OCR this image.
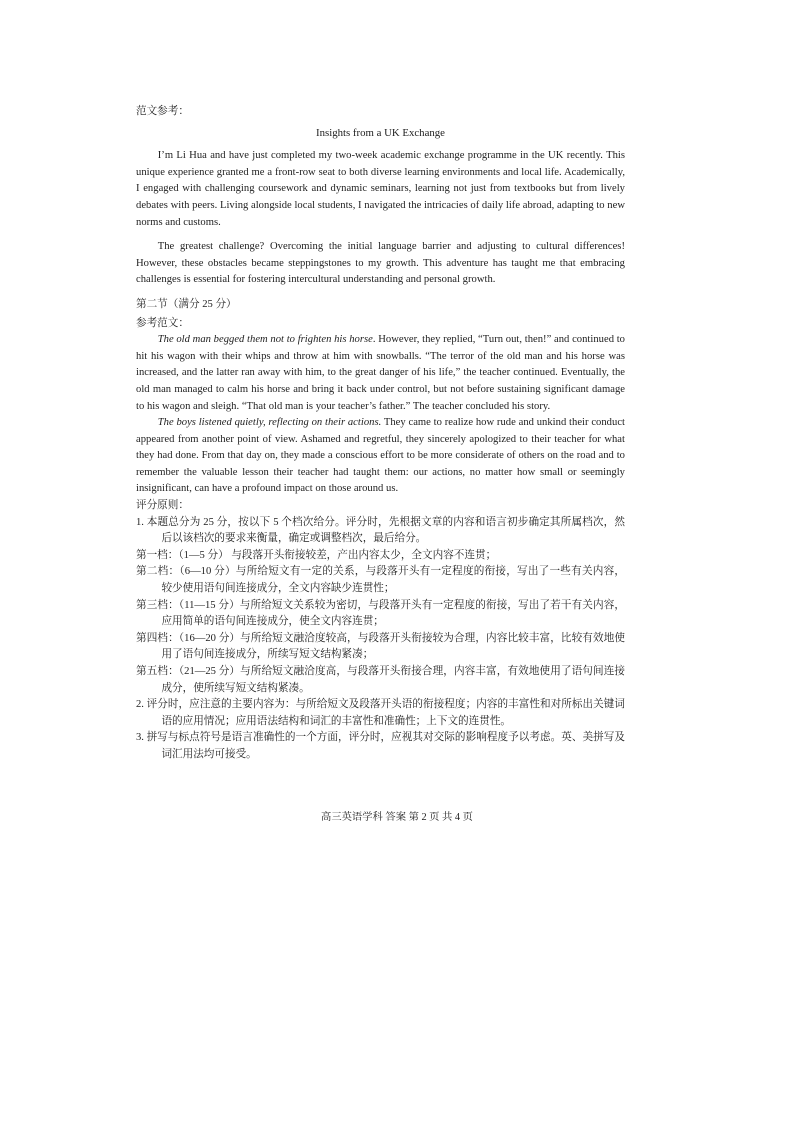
范文参考：

Insights from a UK Exchange

I’m Li Hua and have just completed my two-week academic exchange programme in the UK recently. This unique experience granted me a front-row seat to both diverse learning environments and local life. Academically, I engaged with challenging coursework and dynamic seminars, learning not just from textbooks but from lively debates with peers. Living alongside local students, I navigated the intricacies of daily life abroad, adapting to new norms and customs.

The greatest challenge? Overcoming the initial language barrier and adjusting to cultural differences! However, these obstacles became steppingstones to my growth. This adventure has taught me that embracing challenges is essential for fostering intercultural understanding and personal growth.

第二节（满分 25 分）

参考范文：

The old man begged them not to frighten his horse. However, they replied, “Turn out, then!” and continued to hit his wagon with their whips and throw at him with snowballs. “The terror of the old man and his horse was increased, and the latter ran away with him, to the great danger of his life,” the teacher continued. Eventually, the old man managed to calm his horse and bring it back under control, but not before sustaining significant damage to his wagon and sleigh. “That old man is your teacher’s father.” The teacher concluded his story.

The boys listened quietly, reflecting on their actions. They came to realize how rude and unkind their conduct appeared from another point of view. Ashamed and regretful, they sincerely apologized to their teacher for what they had done. From that day on, they made a conscious effort to be more considerate of others on the road and to remember the valuable lesson their teacher had taught them: our actions, no matter how small or seemingly insignificant, can have a profound impact on those around us.

评分原则：

1. 本题总分为 25 分，按以下 5 个档次给分。评分时，先根据文章的内容和语言初步确定其所属档次，然后以该档次的要求来衡量，确定或调整档次，最后给分。

第一档：（1—5 分） 与段落开头衔接较差，产出内容太少，全文内容不连贯；

第二档：（6—10 分）与所给短文有一定的关系，与段落开头有一定程度的衔接，写出了一些有关内容，较少使用语句间连接成分，全文内容缺少连贯性；

第三档：（11—15 分）与所给短文关系较为密切，与段落开头有一定程度的衔接，写出了若干有关内容，应用简单的语句间连接成分，使全文内容连贯；

第四档：（16—20 分）与所给短文融洽度较高，与段落开头衔接较为合理，内容比较丰富，比较有效地使用了语句间连接成分，所续写短文结构紧凑；

第五档：（21—25 分）与所给短文融洽度高，与段落开头衔接合理，内容丰富，有效地使用了语句间连接成分，使所续写短文结构紧凑。

2. 评分时，应注意的主要内容为：与所给短文及段落开头语的衔接程度；内容的丰富性和对所标出关键词语的应用情况；应用语法结构和词汇的丰富性和准确性；上下文的连贯性。

3. 拼写与标点符号是语言准确性的一个方面，评分时，应视其对交际的影响程度予以考虑。英、美拼写及词汇用法均可接受。

高三英语学科 答案 第 2 页 共 4 页
